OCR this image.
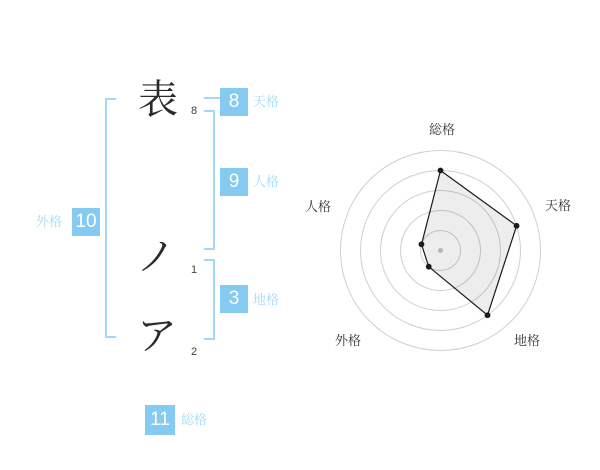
表
ノ
ア
8
1
2
8
9
3
10
11
天格
人格
地格
外格
総格
総格
天格
地格
外格
人格
